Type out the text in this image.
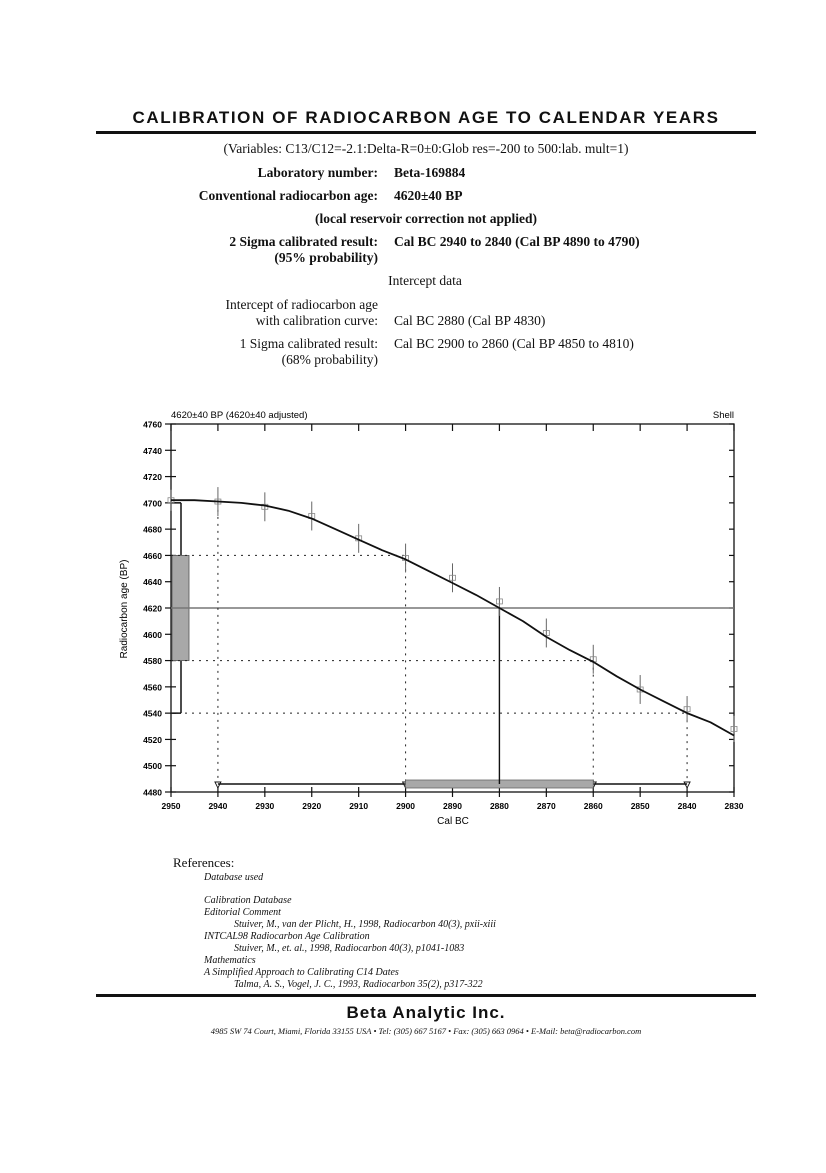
CALIBRATION OF RADIOCARBON AGE TO CALENDAR YEARS
(Variables: C13/C12=-2.1:Delta-R=0±0:Glob res=-200 to 500:lab. mult=1)
Laboratory number: Beta-169884
Conventional radiocarbon age: 4620±40 BP
(local reservoir correction not applied)
2 Sigma calibrated result:
(95% probability)
Cal BC 2940 to 2840 (Cal BP 4890 to 4790)
Intercept data
Intercept of radiocarbon age
with calibration curve: Cal BC 2880 (Cal BP 4830)
1 Sigma calibrated result:
(68% probability)
Cal BC 2900 to 2860 (Cal BP 4850 to 4810)
4620±40 BP (4620±40 adjusted)	Shell
Cal BC
Radiocarbon age (BP)
4760
4740
4720
4700
4680
4660
4640
4620
4600
4580
4560
4540
4520
4500
4480
2950	2940	2930	2920	2910	2900	2890	2880	2870	2860	2850	2840	2830
References:
Database used
Calibration Database
Editorial Comment
Stuiver, M., van der Plicht, H., 1998, Radiocarbon 40(3), pxii-xiii
INTCAL98 Radiocarbon Age Calibration
Stuiver, M., et. al., 1998, Radiocarbon 40(3), p1041-1083
Mathematics
A Simplified Approach to Calibrating C14 Dates
Talma, A. S., Vogel, J. C., 1993, Radiocarbon 35(2), p317-322
Beta Analytic Inc.
4985 SW 74 Court, Miami, Florida 33155 USA • Tel: (305) 667 5167 • Fax: (305) 663 0964 • E-Mail: beta@radiocarbon.com
